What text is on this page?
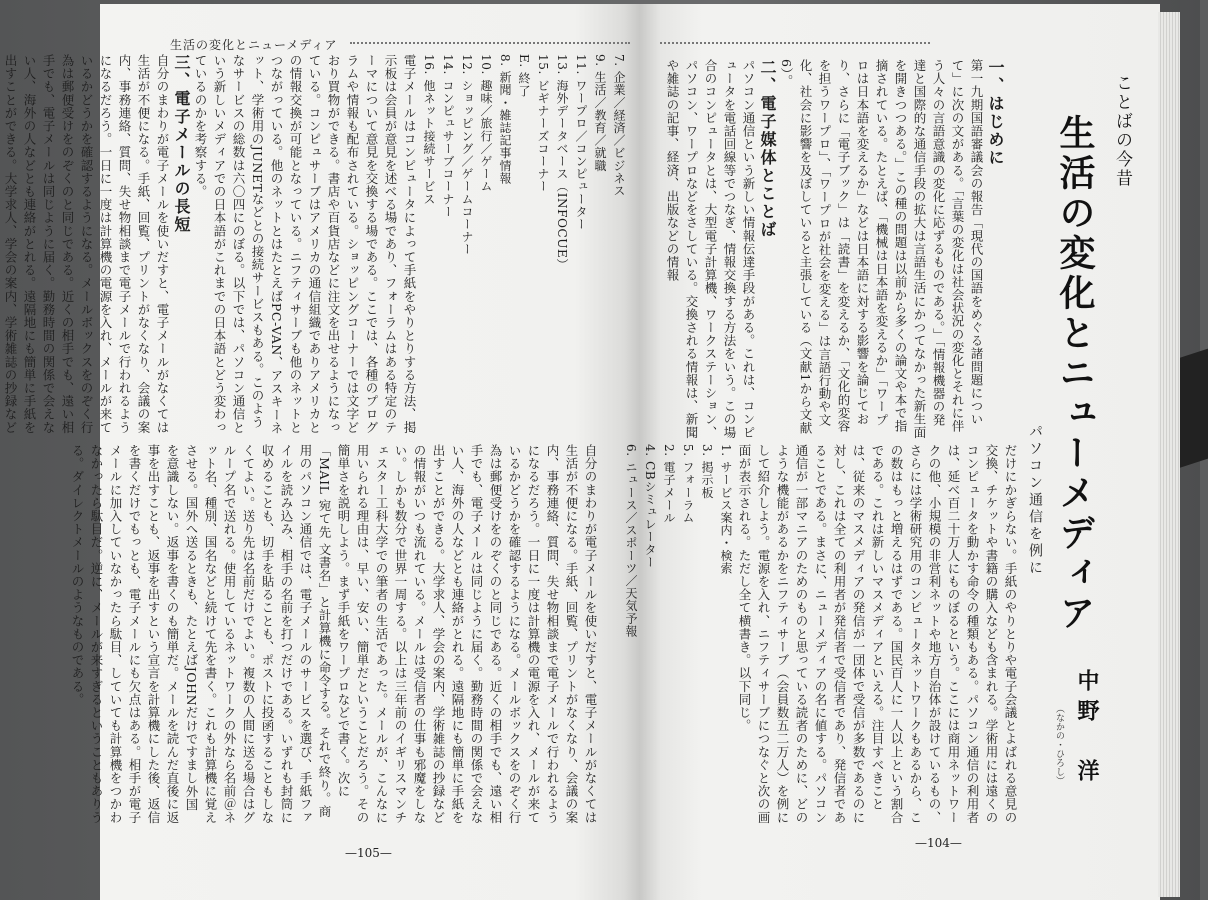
生活の変化とニューメディア

7. 企業／経済／ビジネス

9. 生活／教育／就職

11. ワープロ／コンピューター

13. 海外データベース（INFOCUE）

15. ビギナーズコーナー

E. 終了

8. 新聞・雑誌記事情報

10. 趣味／旅行／ゲーム

12. ショッピング／ゲームコーナー

14. コンピュサーブコーナー

16. 他ネット接続サービス

電子メールはコンピュータによって手紙をやりとりする方法、掲示板は会員が意見を述べる場であり、フォーラムはある特定のテーマについて意見を交換する場である。ここでは、各種のプログラムや情報も配布されている。ショッピングコーナーでは文字どおり買物ができる。書店や百貨店などに注文を出せるようになっている。コンピュサーブはアメリカの通信組織でありアメリカとの情報交換が可能となっている。ニフティサーブも他のネットとつながっている。他のネットとはたとえばPC-VAN、アスキーネット、学術用のJUNETなどとの接続サービスもある。このようなサービスの総数は六〇四にのぼる。以下では、パソコン通信という新しいメディアでの日本語がこれまでの日本語とどう変わっているのかを考察する。

三、電子メールの長短

自分のまわりが電子メールを使いだすと、電子メールがなくては生活が不便になる。手紙、回覧、プリントがなくなり、会議の案内、事務連絡、質問、失せ物相談まで電子メールで行われるようになるだろう。一日に一度は計算機の電源を入れ、メールが来ているかどうかを確認するようになる。メールボックスをのぞく行為は郵便受けをのぞくのと同じである。近くの相手でも、遠い相手でも、電子メールは同じように届く。勤務時間の関係で会えない人、海外の人などとも連絡がとれる。遠隔地にも簡単に手紙を出すことができる。大学求人、学会の案内、学術雑誌の抄録など

自分のまわりが電子メールを使いだすと、電子メールがなくては生活が不便になる。手紙、回覧、プリントがなくなり、会議の案内、事務連絡、質問、失せ物相談まで電子メールで行われるようになるだろう。一日に一度は計算機の電源を入れ、メールが来ているかどうかを確認するようになる。メールボックスをのぞく行為は郵便受けをのぞくのと同じである。近くの相手でも、遠い相手でも、電子メールは同じように届く。勤務時間の関係で会えない人、海外の人などとも連絡がとれる。遠隔地にも簡単に手紙を出すことができる。大学求人、学会の案内、学術雑誌の抄録などの情報がいつも流れている。メールは受信者の仕事も邪魔をしない。しかも数分で世界一周する。以上は三年前のイギリスマンチェスター工科大学での筆者の生活であった。メールが、こんなに用いられる理由は、早い、安い、簡単だということだろう。その簡単さを説明しよう。まず手紙をワープロなどで書く。次に「MAIL 宛て先 文書名」と計算機に命令する。それで終り。商用のパソコン通信では、電子メールのサービスを選び、手紙ファイルを読み込み、相手の名前を打つだけである。いずれも封筒に収めることも、切手を貼ることも、ポストに投函することもしなくてよい。送り先は名前だけでよい。複数の人間に送る場合はグループ名で送れる。使用しているネットワークの外なら名前＠ネット名、種別、国名などと続けて先を書く。これも計算機に覚えさせる。国外へ送るときも、たとえばJOHNだけですまし外国を意識しない。返事を書くのも簡単だ。メールを読んだ直後に返事を出すことも、返事を出すという宣言を計算機にした後、返信を書くだけでもっとも、電子メールにも欠点はある。相手が電子メールに加入していなかったら駄目、していても計算機をつかわなかったら駄目だ。逆に、メールが来すぎるということもありうる。ダイレクトメールのようなものである。

—105—
ことばの今昔
生活の変化とニューメディア
パソコン通信を例に
中野　洋
（なかの・ひろし）

一、はじめに

第一九期国語審議会の報告「現代の国語をめぐる諸問題について」に次の文がある。「言葉の変化は社会状況の変化とそれに伴う人々の言語意識の変化に応ずるものである。」「情報機器の発達と国際的な通信手段の拡大は言語生活にかつてなかった新生面を開きつつある。」この種の問題は以前から多くの論文や本で指摘されている。たとえば、「機械は日本語を変えるか」「ワープロは日本語を変えるか」などは日本語に対する影響を論じており、さらに「電子ブック」は「読書」を変えるか、「文化的変容を担うワープロ」、「ワープロが社会を変える」は言語行動や文化、社会に影響を及ぼしていると主張している（文献1から文献6）。

二、電子媒体とことば

パソコン通信という新しい情報伝達手段がある。これは、コンピュータを電話回線等でつなぎ、情報交換する方法をいう。この場合のコンピュータとは、大型電子計算機、ワークステーション、パソコン、ワープロなどをさしている。交換される情報は、新聞や雑誌の記事、経済、出版などの情報

だけにかぎらない。手紙のやりとりや電子会議とよばれる意見の交換、チケットや書籍の購入なども含まれる。学術用には遠くのコンピュータを動かす命令の種類もある。パソコン通信の利用者は、延べ百二十万人にものぼるという。ここには商用ネットワークの他、小規模の非営利ネットや地方自治体が設けているもの、さらには学術研究用のコンピュータネットワークもあるから、この数はもっと増えるはずである。国民百人に一人以上という割合である。これは新しいマスメディアといえる。注目すべきことは、従来のマスメディアの発信が一団体で受信が多数であるのに対し、これは全ての利用者が発信者で受信者であり、発信者であることである。まさに、ニューメディアの名に値する。パソコン通信が一部マニアのためのものと思っている読者のために、どのような機能があるかをニフティサーブ（会員数五二万人）を例にして紹介しよう。電源を入れ、ニフティサーブにつなぐと次の画面が表示される。ただし全て横書き。以下同じ。

1. サービス案内・検索

3. 掲示板

5. フォーラム

2. 電子メール

4. CBシミュレーター

6. ニュース／スポーツ／天気予報

—104—
